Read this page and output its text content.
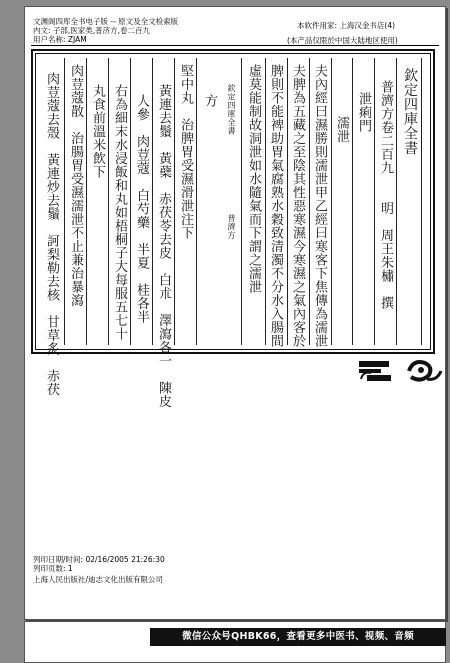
文渊阁四库全书电子版 -- 原文及全文检索版
内文: 子部,医家类,普济方,卷二百九
用户名称: ZJAM
本软件用家: 上海汉金书店(4)
(本产品仅限於中国大陆地区使用)
欽定四庫全書
普濟方卷二百九　　明　周王朱橚　撰
泄痢門
濡泄
夫內經曰濕勝則濡泄甲乙經曰寒客下焦傳為濡泄
夫脾為五藏之至陰其性惡寒濕今寒濕之氣內客於
脾則不能裨助胃氣腐熟水穀致清濁不分水入腸間
虛莫能制故洞泄如水隨氣而下謂之濡泄
欽定四庫全書
普濟方
方
堅中丸　治脾胃受濕滑泄注下
黃連去鬚　黃蘗　赤茯苓去皮　白朮　澤瀉各一　陳皮
人參　肉荳蔻　白芍藥　半夏　桂各半
右為細末水浸飯和丸如梧桐子大每服五七十
丸食前溫米飲下
肉荳蔻散　治腸胃受濕濡泄不止兼治暴瀉
肉荳蔻去殼　黃連炒去鬚　訶梨勒去核　甘草炙　赤茯
列印日期/时间: 02/16/2005 21:26:30
列印页数: 1
上海人民出版社/迪志文化出版有限公司
微信公众号QHBK66，查看更多中医书、视频、音频
